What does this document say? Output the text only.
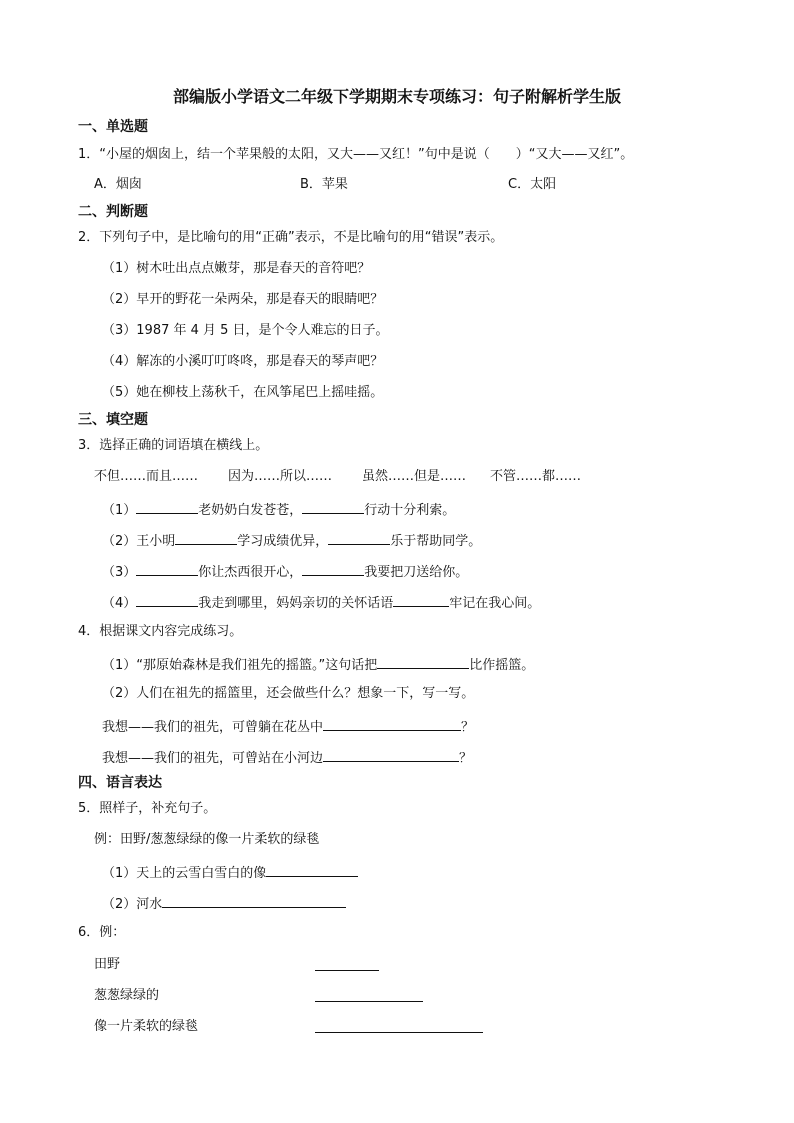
部编版小学语文二年级下学期期末专项练习：句子附解析学生版
一、单选题
1．“小屋的烟囱上，结一个苹果般的太阳，又大——又红！”句中是说（　　）“又大——又红”。
A．烟囱	B．苹果	C．太阳
二、判断题
2．下列句子中，是比喻句的用“正确”表示，不是比喻句的用“错误”表示。
（1）树木吐出点点嫩芽，那是春天的音符吧？
（2）早开的野花一朵两朵，那是春天的眼睛吧？
（3）1987 年 4 月 5 日，是个令人难忘的日子。
（4）解冻的小溪叮叮咚咚，那是春天的琴声吧？
（5）她在柳枝上荡秋千，在风筝尾巴上摇哇摇。
三、填空题
3．选择正确的词语填在横线上。
不但……而且…… 因为……所以…… 虽然……但是…… 不管……都……
（1）	老奶奶白发苍苍，	行动十分利索。
（2）王小明	学习成绩优异，	乐于帮助同学。
（3）	你让杰西很开心，	我要把刀送给你。
（4）	我走到哪里，妈妈亲切的关怀话语	牢记在我心间。
4．根据课文内容完成练习。
（1）“那原始森林是我们祖先的摇篮。”这句话把	比作摇篮。
（2）人们在祖先的摇篮里，还会做些什么？想象一下，写一写。
我想——我们的祖先，可曾躺在花丛中	？
我想——我们的祖先，可曾站在小河边	？
四、语言表达
5．照样子，补充句子。
例：田野/葱葱绿绿的像一片柔软的绿毯
（1）天上的云雪白雪白的像
（2）河水
6．例：
田野
葱葱绿绿的
像一片柔软的绿毯
